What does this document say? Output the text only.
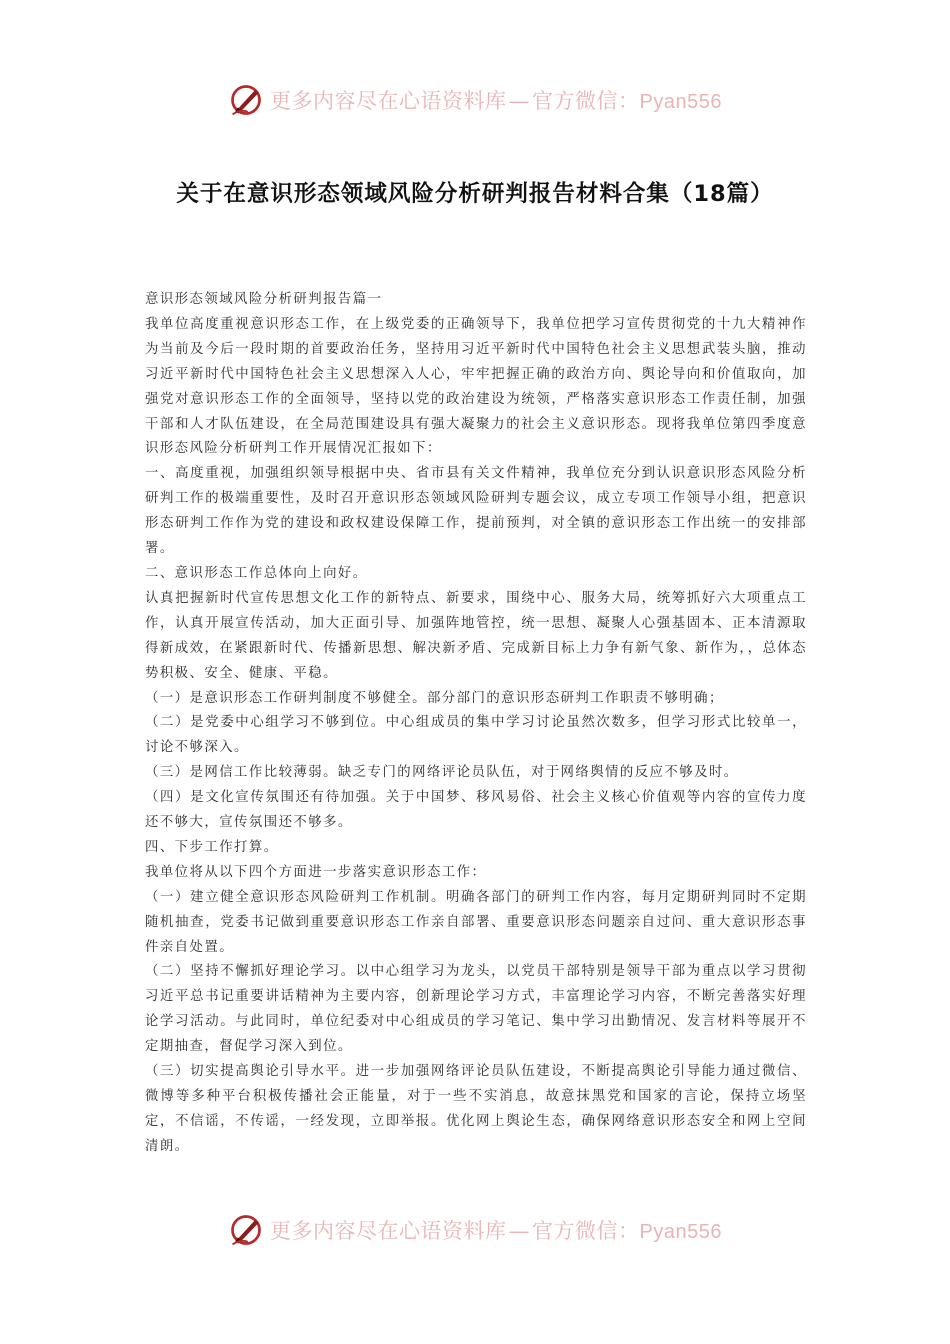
更多内容尽在心语资料库—官方微信：Pyan556
关于在意识形态领域风险分析研判报告材料合集（18篇）

意识形态领域风险分析研判报告篇一

我单位高度重视意识形态工作，在上级党委的正确领导下，我单位把学习宣传贯彻党的十九大精神作为当前及今后一段时期的首要政治任务，坚持用习近平新时代中国特色社会主义思想武装头脑，推动习近平新时代中国特色社会主义思想深入人心，牢牢把握正确的政治方向、舆论导向和价值取向，加强党对意识形态工作的全面领导，坚持以党的政治建设为统领，严格落实意识形态工作责任制，加强干部和人才队伍建设，在全局范围建设具有强大凝聚力的社会主义意识形态。现将我单位第四季度意识形态风险分析研判工作开展情况汇报如下：

一、高度重视，加强组织领导根据中央、省市县有关文件精神，我单位充分到认识意识形态风险分析研判工作的极端重要性，及时召开意识形态领域风险研判专题会议，成立专项工作领导小组，把意识形态研判工作作为党的建设和政权建设保障工作，提前预判，对全镇的意识形态工作出统一的安排部署。

二、意识形态工作总体向上向好。

认真把握新时代宣传思想文化工作的新特点、新要求，围绕中心、服务大局，统筹抓好六大项重点工作，认真开展宣传活动，加大正面引导、加强阵地管控，统一思想、凝聚人心强基固本、正本清源取得新成效，在紧跟新时代、传播新思想、解决新矛盾、完成新目标上力争有新气象、新作为，，总体态势积极、安全、健康、平稳。

（一）是意识形态工作研判制度不够健全。部分部门的意识形态研判工作职责不够明确；

（二）是党委中心组学习不够到位。中心组成员的集中学习讨论虽然次数多，但学习形式比较单一，讨论不够深入。

（三）是网信工作比较薄弱。缺乏专门的网络评论员队伍，对于网络舆情的反应不够及时。

（四）是文化宣传氛围还有待加强。关于中国梦、移风易俗、社会主义核心价值观等内容的宣传力度还不够大，宣传氛围还不够多。

四、下步工作打算。

我单位将从以下四个方面进一步落实意识形态工作：

（一）建立健全意识形态风险研判工作机制。明确各部门的研判工作内容，每月定期研判同时不定期随机抽查，党委书记做到重要意识形态工作亲自部署、重要意识形态问题亲自过问、重大意识形态事件亲自处置。

（二）坚持不懈抓好理论学习。以中心组学习为龙头，以党员干部特别是领导干部为重点以学习贯彻习近平总书记重要讲话精神为主要内容，创新理论学习方式，丰富理论学习内容，不断完善落实好理论学习活动。与此同时，单位纪委对中心组成员的学习笔记、集中学习出勤情况、发言材料等展开不定期抽查，督促学习深入到位。

（三）切实提高舆论引导水平。进一步加强网络评论员队伍建设，不断提高舆论引导能力通过微信、微博等多种平台积极传播社会正能量，对于一些不实消息，故意抹黑党和国家的言论，保持立场坚定，不信谣，不传谣，一经发现，立即举报。优化网上舆论生态，确保网络意识形态安全和网上空间清朗。

更多内容尽在心语资料库—官方微信：Pyan556
